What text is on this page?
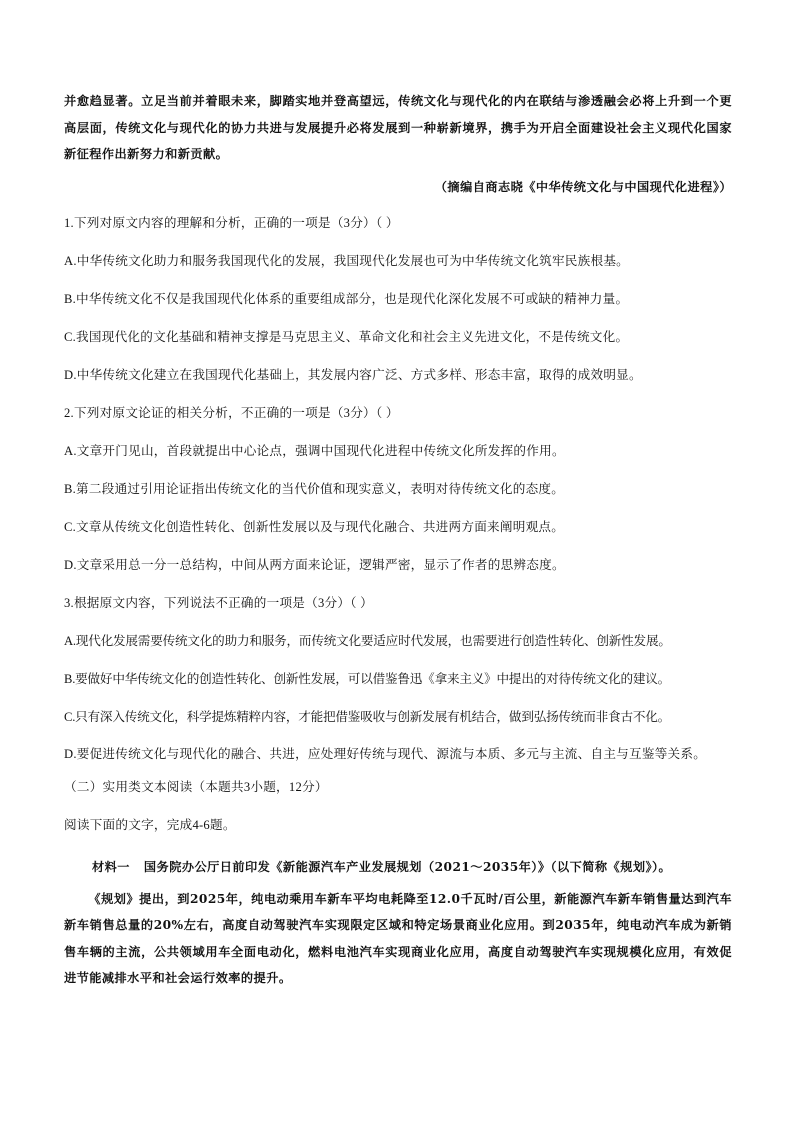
并愈趋显著。立足当前并着眼未来，脚踏实地并登高望远，传统文化与现代化的内在联结与渗透融会必将上升到一个更高层面，传统文化与现代化的协力共进与发展提升必将发展到一种崭新境界，携手为开启全面建设社会主义现代化国家新征程作出新努力和新贡献。

（摘编自商志晓《中华传统文化与中国现代化进程》）

1.下列对原文内容的理解和分析，正确的一项是（3分）（ ）

A.中华传统文化助力和服务我国现代化的发展，我国现代化发展也可为中华传统文化筑牢民族根基。

B.中华传统文化不仅是我国现代化体系的重要组成部分，也是现代化深化发展不可或缺的精神力量。

C.我国现代化的文化基础和精神支撑是马克思主义、革命文化和社会主义先进文化，不是传统文化。

D.中华传统文化建立在我国现代化基础上，其发展内容广泛、方式多样、形态丰富，取得的成效明显。

2.下列对原文论证的相关分析，不正确的一项是（3分）（ ）

A.文章开门见山，首段就提出中心论点，强调中国现代化进程中传统文化所发挥的作用。

B.第二段通过引用论证指出传统文化的当代价值和现实意义，表明对待传统文化的态度。

C.文章从传统文化创造性转化、创新性发展以及与现代化融合、共进两方面来阐明观点。

D.文章采用总一分一总结构，中间从两方面来论证，逻辑严密，显示了作者的思辨态度。

3.根据原文内容，下列说法不正确的一项是（3分）（ ）

A.现代化发展需要传统文化的助力和服务，而传统文化要适应时代发展，也需要进行创造性转化、创新性发展。

B.要做好中华传统文化的创造性转化、创新性发展，可以借鉴鲁迅《拿来主义》中提出的对待传统文化的建议。

C.只有深入传统文化，科学提炼精粹内容，才能把借鉴吸收与创新发展有机结合，做到弘扬传统而非食古不化。

D.要促进传统文化与现代化的融合、共进，应处理好传统与现代、源流与本质、多元与主流、自主与互鉴等关系。

（二）实用类文本阅读（本题共3小题，12分）

阅读下面的文字，完成4-6题。

材料一 国务院办公厅日前印发《新能源汽车产业发展规划（2021～2035年）》（以下简称《规划》）。

《规划》提出，到2025年，纯电动乘用车新车平均电耗降至12.0千瓦时/百公里，新能源汽车新车销售量达到汽车新车销售总量的20%左右，高度自动驾驶汽车实现限定区域和特定场景商业化应用。到2035年，纯电动汽车成为新销售车辆的主流，公共领域用车全面电动化，燃料电池汽车实现商业化应用，高度自动驾驶汽车实现规模化应用，有效促进节能减排水平和社会运行效率的提升。
